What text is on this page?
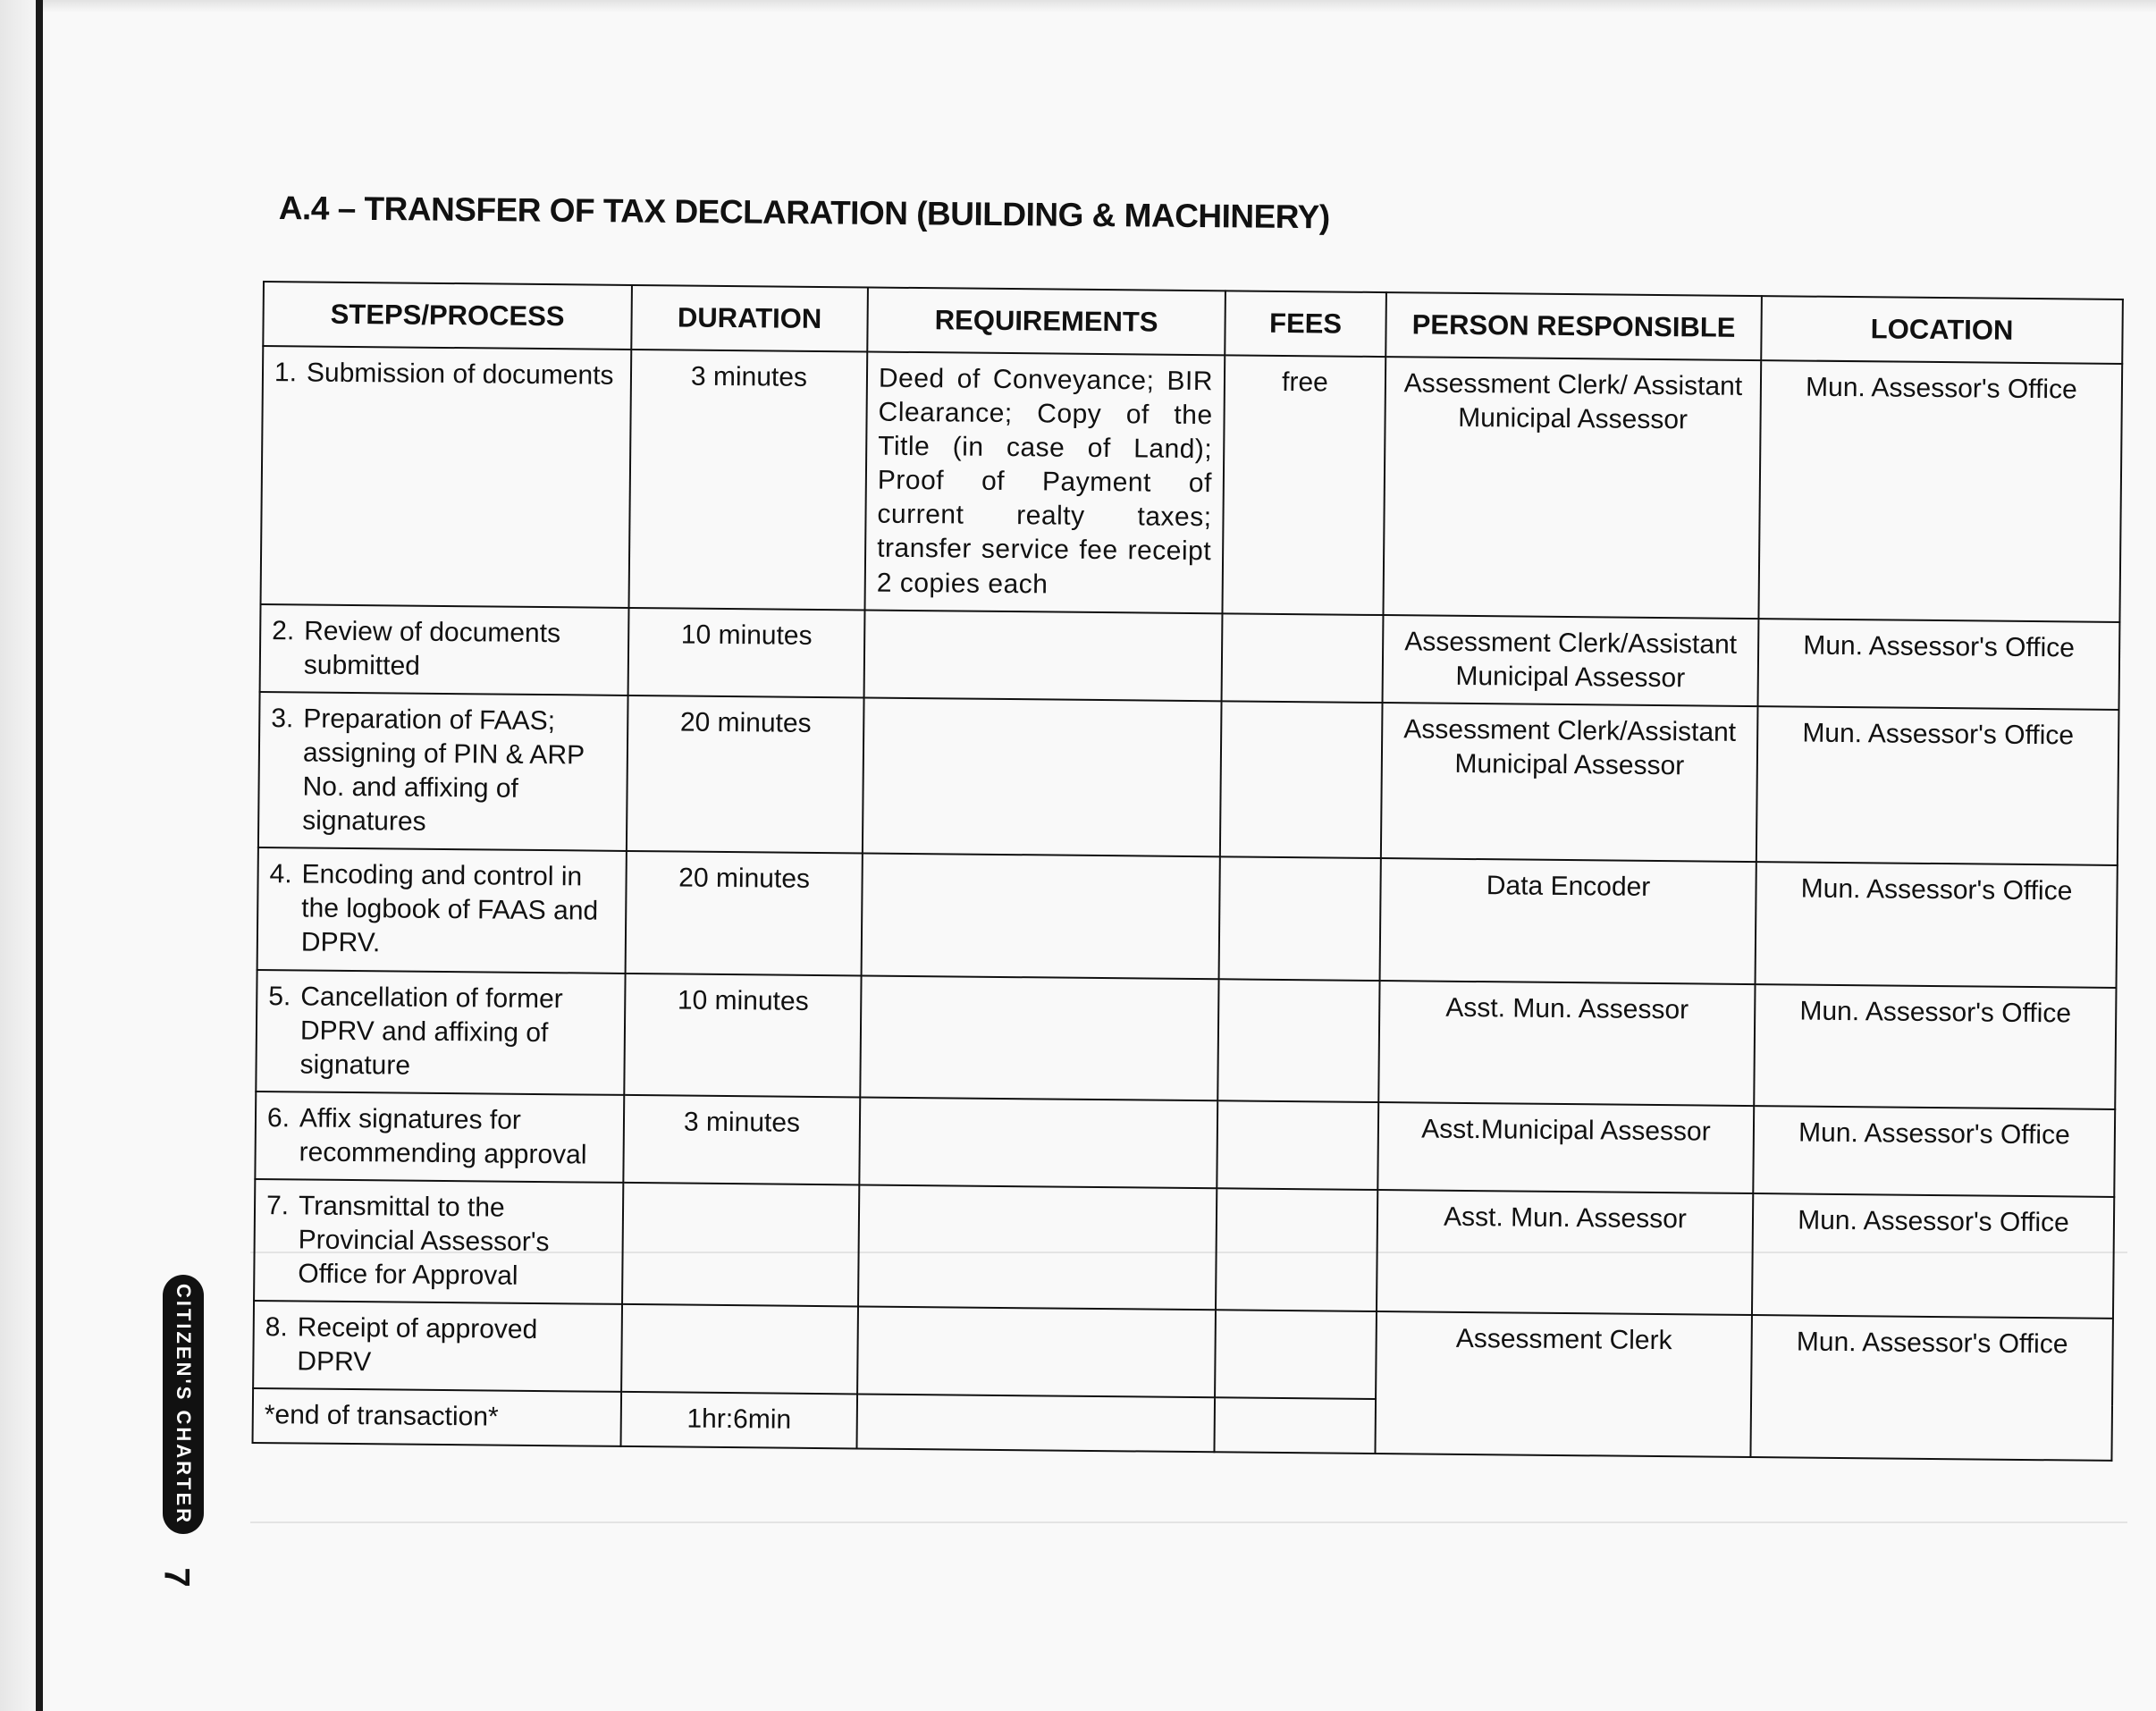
A.4 – TRANSFER OF TAX DECLARATION (BUILDING & MACHINERY)
STEPS/PROCESS	DURATION	REQUIREMENTS	FEES	PERSON RESPONSIBLE	LOCATION

1. Submission of documents	3 minutes	Deed of Conveyance; BIR Clearance; Copy of the Title (in case of Land); Proof of Payment of current realty taxes; transfer service fee receipt 2 copies each	free	Assessment Clerk/ Assistant Municipal Assessor	Mun. Assessor's Office

2. Review of documents submitted	10 minutes			Assessment Clerk/Assistant Municipal Assessor	Mun. Assessor's Office

3. Preparation of FAAS; assigning of PIN & ARP No. and affixing of signatures	20 minutes			Assessment Clerk/Assistant Municipal Assessor	Mun. Assessor's Office

4. Encoding and control in the logbook of FAAS and DPRV.	20 minutes			Data Encoder	Mun. Assessor's Office

5. Cancellation of former DPRV and affixing of signature	10 minutes			Asst. Mun. Assessor	Mun. Assessor's Office

6. Affix signatures for recommending approval	3 minutes			Asst.Municipal Assessor	Mun. Assessor's Office

7. Transmittal to the Provincial Assessor's Office for Approval				Asst. Mun. Assessor	Mun. Assessor's Office

8. Receipt of approved DPRV				Assessment Clerk	Mun. Assessor's Office
*end of transaction*	1hr:6min				
CITIZEN'S CHARTER
7
